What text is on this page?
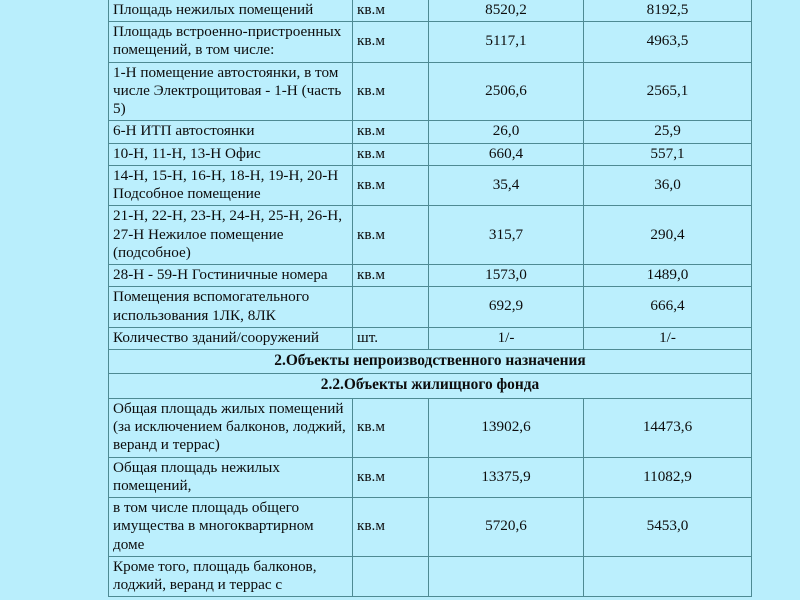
Площадь нежилых помещений	кв.м	8520,2	8192,5
Площадь встроенно-пристроенных помещений, в том числе:	кв.м	5117,1	4963,5
1-Н помещение автостоянки, в том числе Электрощитовая - 1-Н (часть 5)	кв.м	2506,6	2565,1
6-Н ИТП автостоянки	кв.м	26,0	25,9
10-Н, 11-Н, 13-Н Офис	кв.м	660,4	557,1
14-Н, 15-Н, 16-Н, 18-Н, 19-Н, 20-Н Подсобное помещение	кв.м	35,4	36,0
21-Н, 22-Н, 23-Н, 24-Н, 25-Н, 26-Н, 27-Н Нежилое помещение (подсобное)	кв.м	315,7	290,4
28-Н - 59-Н Гостиничные номера	кв.м	1573,0	1489,0
Помещения вспомогательного использования 1ЛК, 8ЛК		692,9	666,4
Количество зданий/сооружений	шт.	1/-	1/-
2.Объекты непроизводственного назначения			
2.2.Объекты жилищного фонда			
Общая площадь жилых помещений (за исключением балконов, лоджий, веранд и террас)	кв.м	13902,6	14473,6
Общая площадь нежилых помещений,	кв.м	13375,9	11082,9
в том числе площадь общего имущества в многоквартирном доме	кв.м	5720,6	5453,0
Кроме того, площадь балконов, лоджий, веранд и террас с			
